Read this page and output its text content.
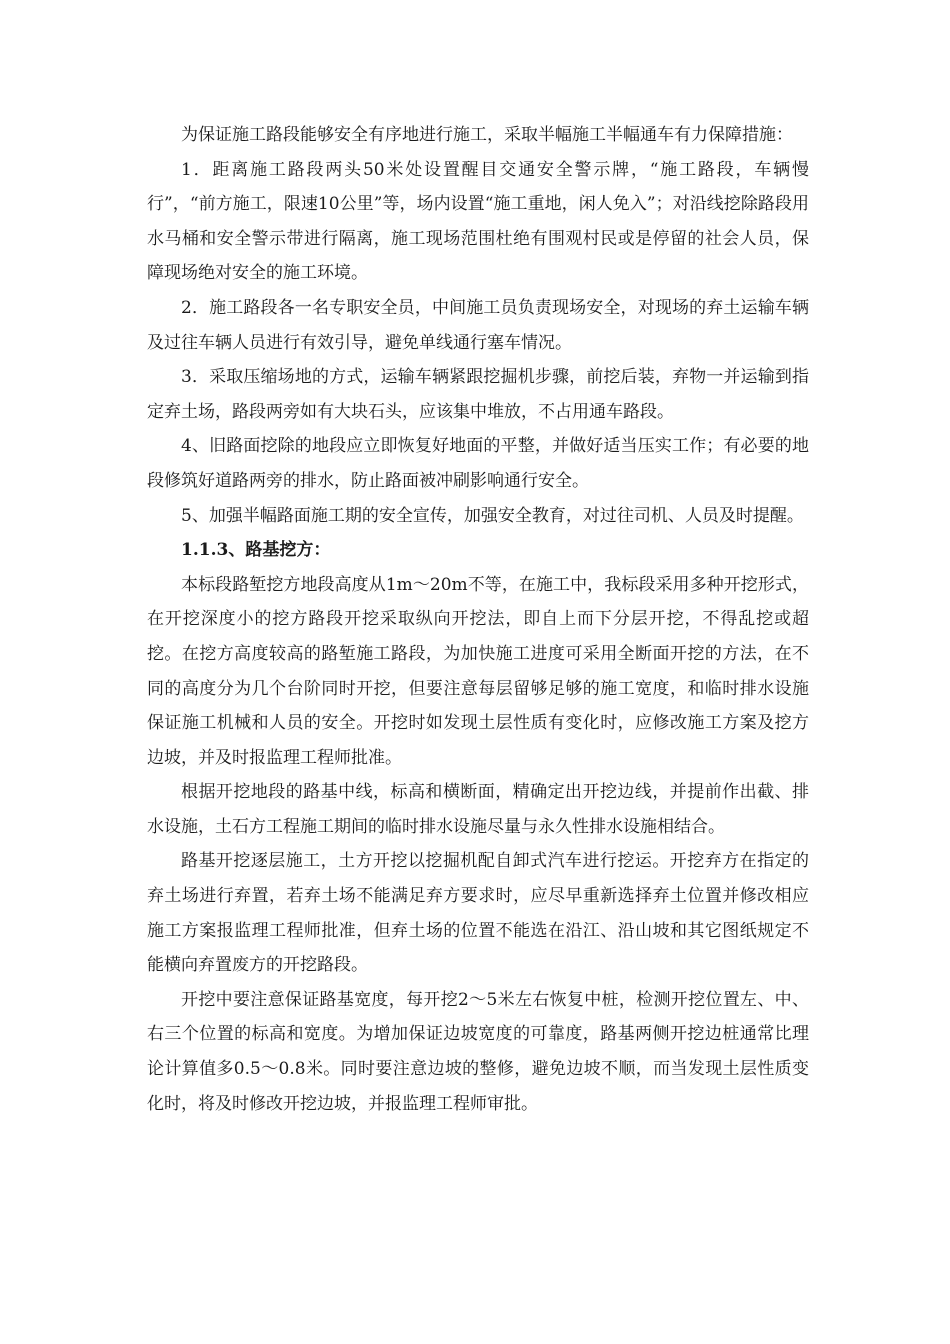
为保证施工路段能够安全有序地进行施工，采取半幅施工半幅通车有力保障措施：

1．距离施工路段两头50米处设置醒目交通安全警示牌，“施工路段，车辆慢行”，“前方施工，限速10公里”等，场内设置“施工重地，闲人免入”；对沿线挖除路段用水马桶和安全警示带进行隔离，施工现场范围杜绝有围观村民或是停留的社会人员，保障现场绝对安全的施工环境。

2．施工路段各一名专职安全员，中间施工员负责现场安全，对现场的弃土运输车辆及过往车辆人员进行有效引导，避免单线通行塞车情况。

3．采取压缩场地的方式，运输车辆紧跟挖掘机步骤，前挖后装，弃物一并运输到指定弃土场，路段两旁如有大块石头，应该集中堆放，不占用通车路段。

4、旧路面挖除的地段应立即恢复好地面的平整，并做好适当压实工作；有必要的地段修筑好道路两旁的排水，防止路面被冲刷影响通行安全。

5、加强半幅路面施工期的安全宣传，加强安全教育，对过往司机、人员及时提醒。

1.1.3、路基挖方：

本标段路堑挖方地段高度从1m～20m不等，在施工中，我标段采用多种开挖形式，在开挖深度小的挖方路段开挖采取纵向开挖法，即自上而下分层开挖，不得乱挖或超挖。在挖方高度较高的路堑施工路段，为加快施工进度可采用全断面开挖的方法，在不同的高度分为几个台阶同时开挖，但要注意每层留够足够的施工宽度，和临时排水设施保证施工机械和人员的安全。开挖时如发现土层性质有变化时，应修改施工方案及挖方边坡，并及时报监理工程师批准。

根据开挖地段的路基中线，标高和横断面，精确定出开挖边线，并提前作出截、排水设施，土石方工程施工期间的临时排水设施尽量与永久性排水设施相结合。

路基开挖逐层施工，土方开挖以挖掘机配自卸式汽车进行挖运。开挖弃方在指定的弃土场进行弃置，若弃土场不能满足弃方要求时，应尽早重新选择弃土位置并修改相应施工方案报监理工程师批准，但弃土场的位置不能选在沿江、沿山坡和其它图纸规定不能横向弃置废方的开挖路段。

开挖中要注意保证路基宽度，每开挖2～5米左右恢复中桩，检测开挖位置左、中、右三个位置的标高和宽度。为增加保证边坡宽度的可靠度，路基两侧开挖边桩通常比理论计算值多0.5～0.8米。同时要注意边坡的整修，避免边坡不顺，而当发现土层性质变化时，将及时修改开挖边坡，并报监理工程师审批。
